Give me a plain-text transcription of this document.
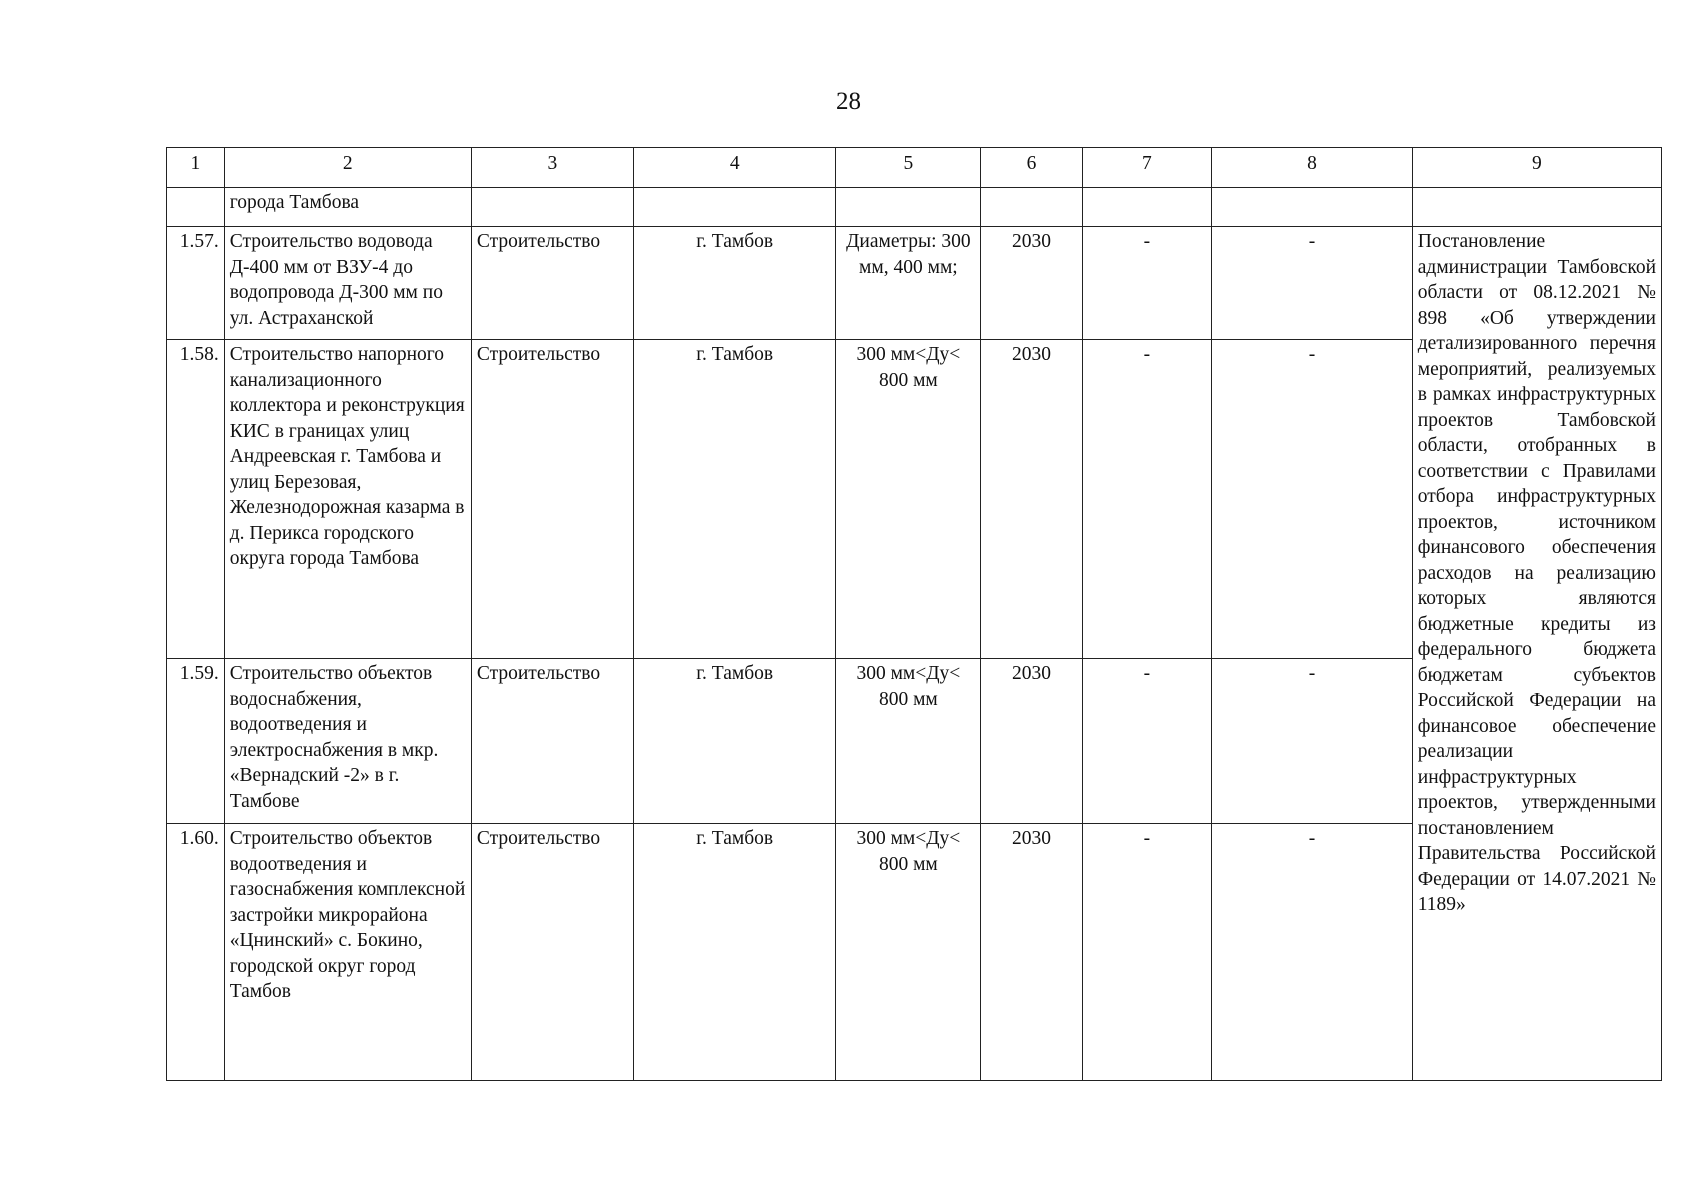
28
1	2	3	4	5	6	7	8	9
	города Тамбова							
1.57.	Строительство водовода Д-400 мм от ВЗУ-4 до водопровода Д-300 мм по ул. Астраханской	Строительство	г. Тамбов	Диаметры: 300 мм, 400 мм;	2030	-	-	Постановление администрации Тамбовской области от 08.12.2021 № 898 «Об утверждении детализированного перечня мероприятий, реализуемых в рамках инфраструктурных проектов Тамбовской области, отобранных в соответствии с Правилами отбора инфраструктурных проектов, источником финансового обеспечения расходов на реализацию которых являются бюджетные кредиты из федерального бюджета бюджетам субъектов Российской Федерации на финансовое обеспечение реализации инфраструктурных проектов, утвержденными постановлением Правительства Российской Федерации от 14.07.2021 № 1189»
1.58.	Строительство напорного канализационного коллектора и реконструкция КИС в границах улиц Андреевская г. Тамбова и улиц Березовая, Железнодорожная казарма в д. Перикса городского округа города Тамбова	Строительство	г. Тамбов	300 мм<Ду< 800 мм	2030	-	-	
1.59.	Строительство объектов водоснабжения, водоотведения и электроснабжения в мкр. «Вернадский -2» в г. Тамбове	Строительство	г. Тамбов	300 мм<Ду< 800 мм	2030	-	-	
1.60.	Строительство объектов водоотведения и газоснабжения комплексной застройки микрорайона «Цнинский» с. Бокино, городской округ город Тамбов	Строительство	г. Тамбов	300 мм<Ду< 800 мм	2030	-	-	
